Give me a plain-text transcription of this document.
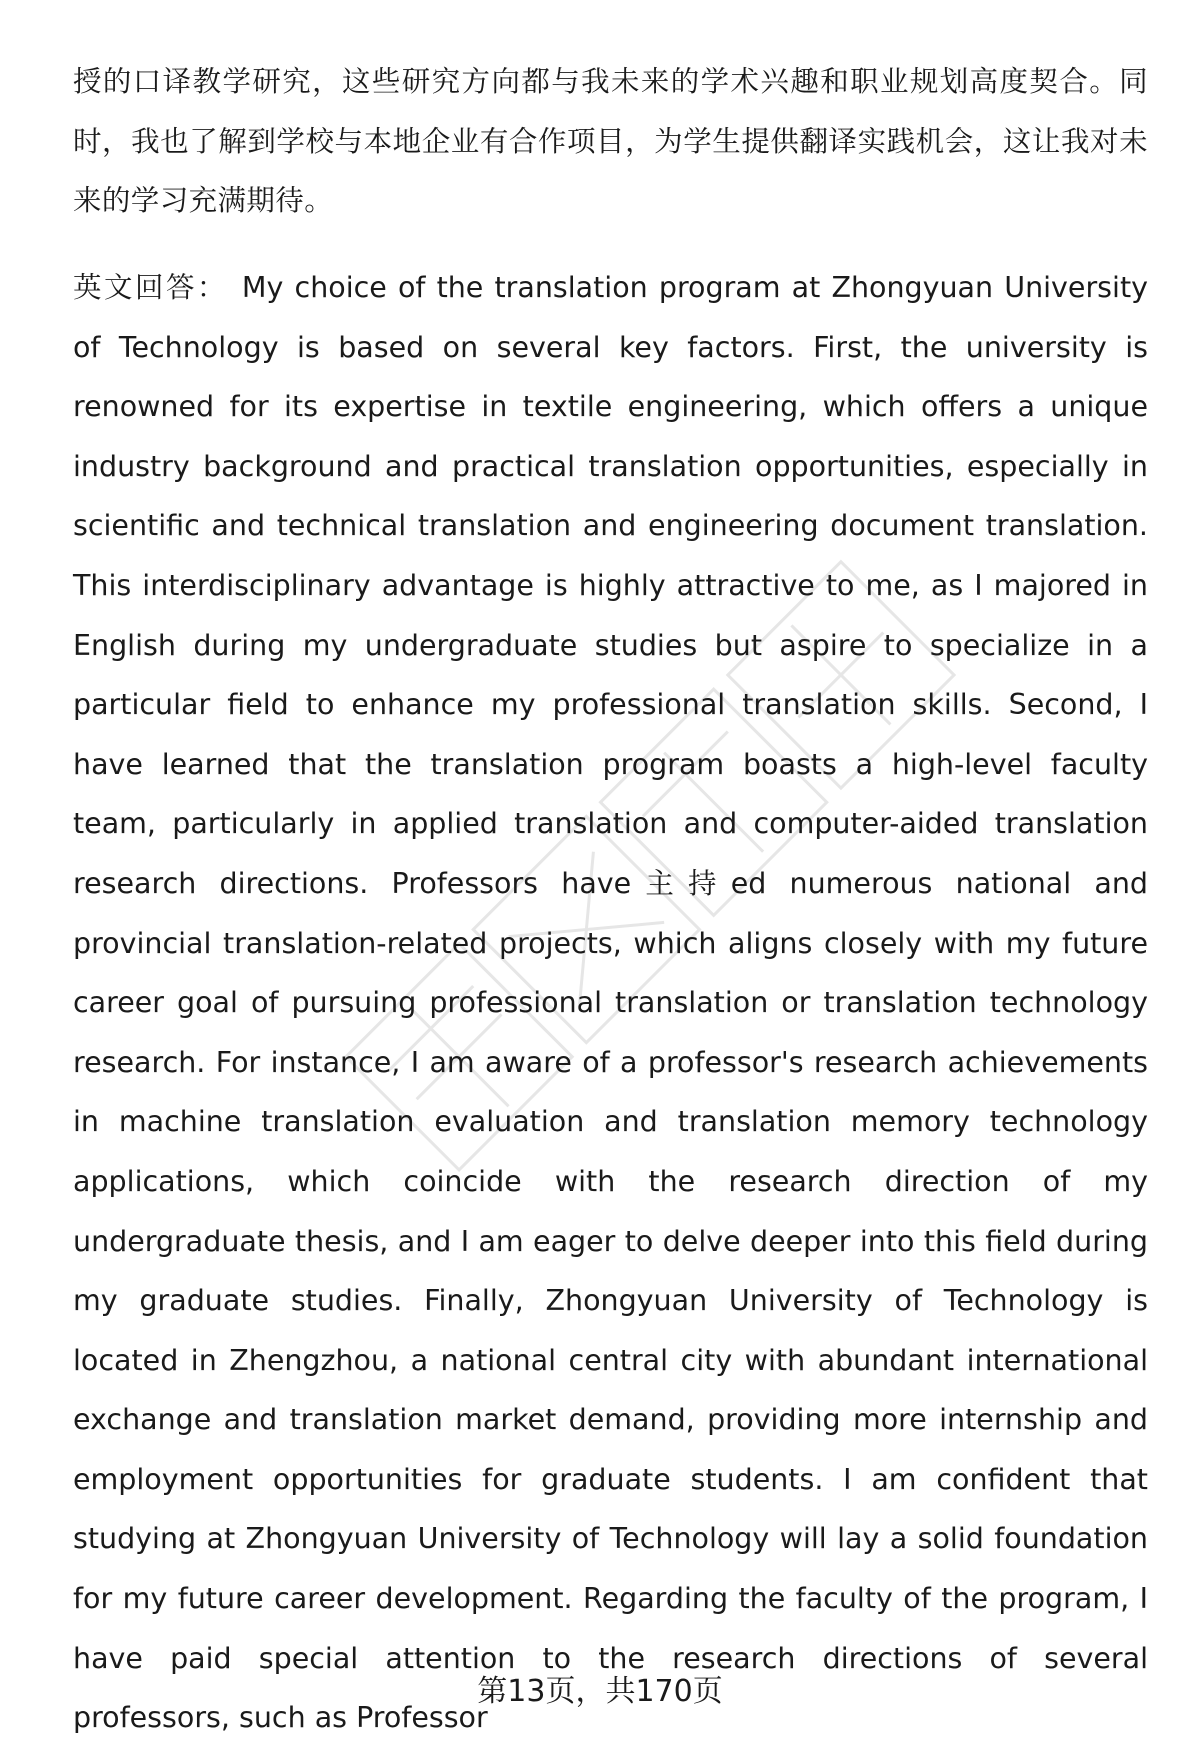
授的口译教学研究，这些研究方向都与我未来的学术兴趣和职业规划高度契合。同时，我也了解到学校与本地企业有合作项目，为学生提供翻译实践机会，这让我对未来的学习充满期待。
英文回答： My choice of the translation program at Zhongyuan University of Technology is based on several key factors. First, the university is renowned for its expertise in textile engineering, which offers a unique industry background and practical translation opportunities, especially in scientific and technical translation and engineering document translation. This interdisciplinary advantage is highly attractive to me, as I majored in English during my undergraduate studies but aspire to specialize in a particular field to enhance my professional translation skills. Second, I have learned that the translation program boasts a high-level faculty team, particularly in applied translation and computer-aided translation research directions. Professors have主持ed numerous national and provincial translation-related projects, which aligns closely with my future career goal of pursuing professional translation or translation technology research. For instance, I am aware of a professor's research achievements in machine translation evaluation and translation memory technology applications, which coincide with the research direction of my undergraduate thesis, and I am eager to delve deeper into this field during my graduate studies. Finally, Zhongyuan University of Technology is located in Zhengzhou, a national central city with abundant international exchange and translation market demand, providing more internship and employment opportunities for graduate students. I am confident that studying at Zhongyuan University of Technology will lay a solid foundation for my future career development. Regarding the faculty of the program, I have paid special attention to the research directions of several professors, such as Professor
第13页，共170页
